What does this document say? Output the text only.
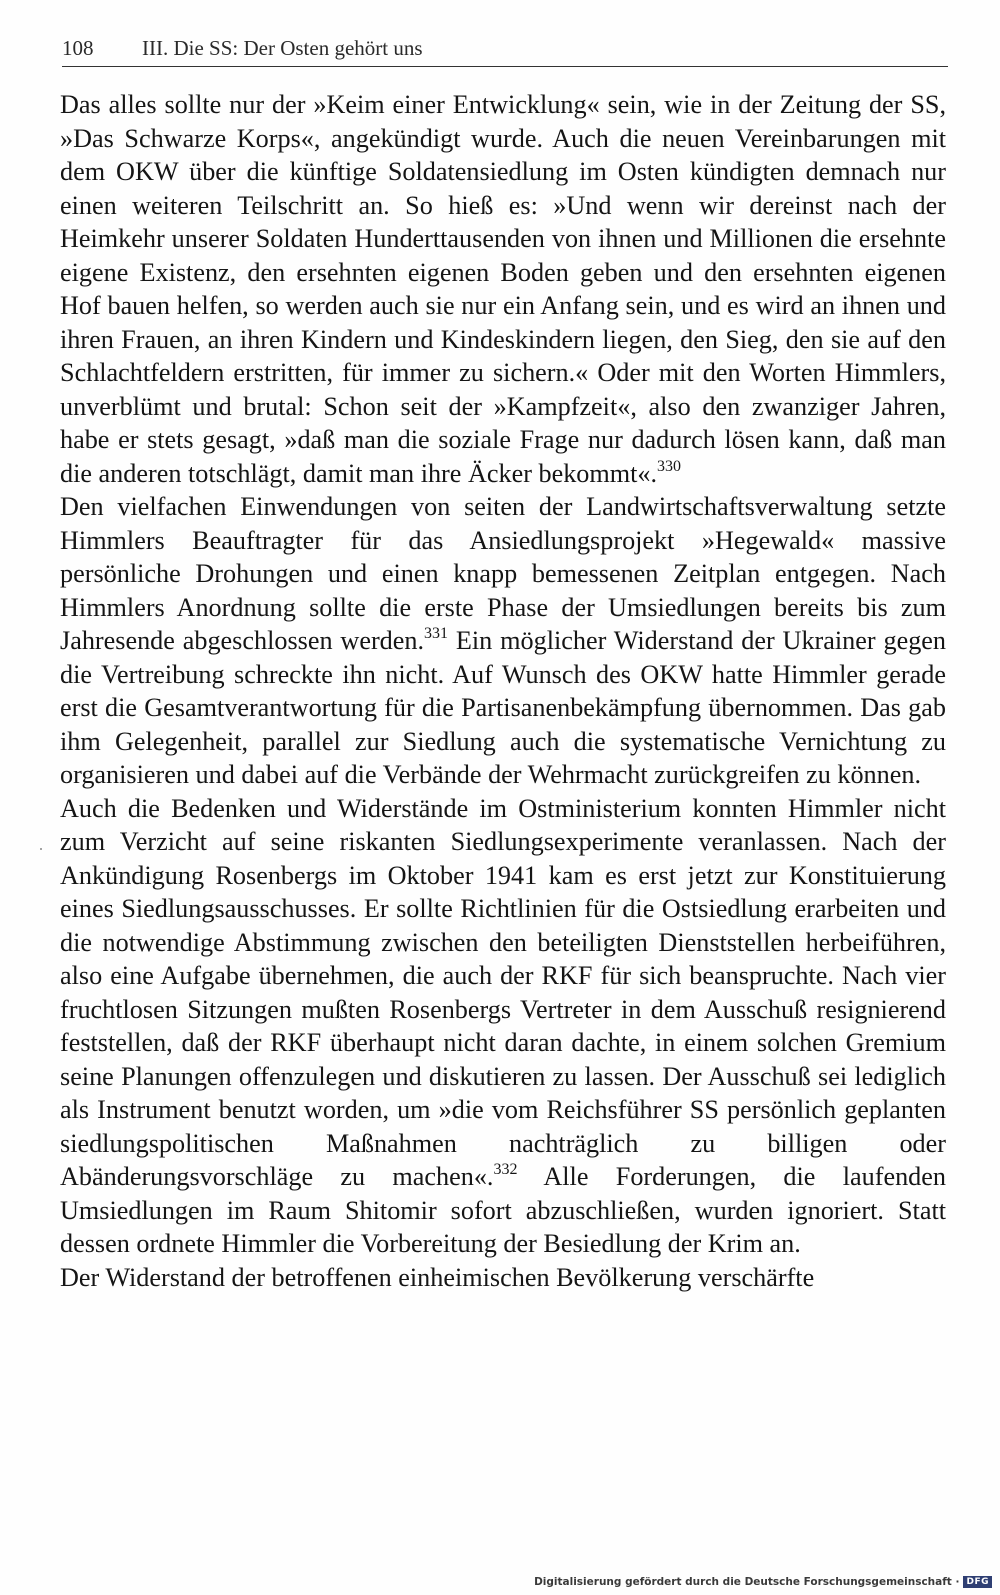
108 III. Die SS: Der Osten gehört uns

Das alles sollte nur der »Keim einer Entwicklung« sein, wie in der Zeitung der SS, »Das Schwarze Korps«, angekündigt wurde. Auch die neuen Vereinbarungen mit dem OKW über die künftige Soldatensiedlung im Osten kündigten demnach nur einen weiteren Teilschritt an. So hieß es: »Und wenn wir dereinst nach der Heimkehr unserer Soldaten Hunderttausenden von ihnen und Millionen die ersehnte eigene Existenz, den ersehnten eigenen Boden geben und den ersehnten eigenen Hof bauen helfen, so werden auch sie nur ein Anfang sein, und es wird an ihnen und ihren Frauen, an ihren Kindern und Kindeskindern liegen, den Sieg, den sie auf den Schlachtfeldern erstritten, für immer zu sichern.« Oder mit den Worten Himmlers, unverblümt und brutal: Schon seit der »Kampfzeit«, also den zwanziger Jahren, habe er stets gesagt, »daß man die soziale Frage nur dadurch lösen kann, daß man die anderen totschlägt, damit man ihre Äcker bekommt«.$^{330}$

Den vielfachen Einwendungen von seiten der Landwirtschaftsverwaltung setzte Himmlers Beauftragter für das Ansiedlungsprojekt »Hegewald« massive persönliche Drohungen und einen knapp bemessenen Zeitplan entgegen. Nach Himmlers Anordnung sollte die erste Phase der Umsiedlungen bereits bis zum Jahresende abgeschlossen werden.$^{331}$ Ein möglicher Widerstand der Ukrainer gegen die Vertreibung schreckte ihn nicht. Auf Wunsch des OKW hatte Himmler gerade erst die Gesamtverantwortung für die Partisanenbekämpfung übernommen. Das gab ihm Gelegenheit, parallel zur Siedlung auch die systematische Vernichtung zu organisieren und dabei auf die Verbände der Wehrmacht zurückgreifen zu können.

Auch die Bedenken und Widerstände im Ostministerium konnten Himmler nicht zum Verzicht auf seine riskanten Siedlungsexperimente veranlassen. Nach der Ankündigung Rosenbergs im Oktober 1941 kam es erst jetzt zur Konstituierung eines Siedlungsausschusses. Er sollte Richtlinien für die Ostsiedlung erarbeiten und die notwendige Abstimmung zwischen den beteiligten Dienststellen herbeiführen, also eine Aufgabe übernehmen, die auch der RKF für sich beanspruchte. Nach vier fruchtlosen Sitzungen mußten Rosenbergs Vertreter in dem Ausschuß resignierend feststellen, daß der RKF überhaupt nicht daran dachte, in einem solchen Gremium seine Planungen offenzulegen und diskutieren zu lassen. Der Ausschuß sei lediglich als Instrument benutzt worden, um »die vom Reichsführer SS persönlich geplanten siedlungspolitischen Maßnahmen nachträglich zu billigen oder Abänderungsvorschläge zu machen«.$^{332}$ Alle Forderungen, die laufenden Umsiedlungen im Raum Shitomir sofort abzuschließen, wurden ignoriert. Statt dessen ordnete Himmler die Vorbereitung der Besiedlung der Krim an.

Der Widerstand der betroffenen einheimischen Bevölkerung verschärfte

Digitalisierung gefördert durch die Deutsche Forschungsgemeinschaft · DFG
